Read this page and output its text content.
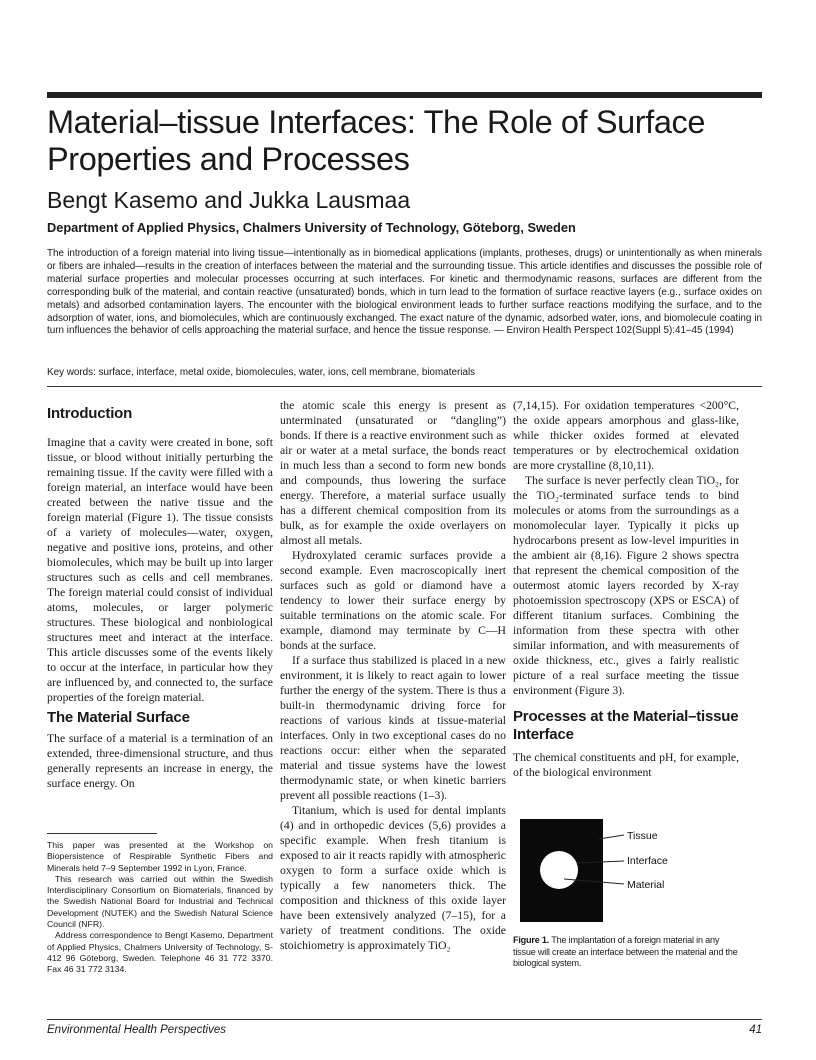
Material–tissue Interfaces: The Role of Surface Properties and Processes
Bengt Kasemo and Jukka Lausmaa

Department of Applied Physics, Chalmers University of Technology, Göteborg, Sweden

The introduction of a foreign material into living tissue—intentionally as in biomedical applications (implants, protheses, drugs) or unintentionally as when minerals or fibers are inhaled—results in the creation of interfaces between the material and the surrounding tissue. This article identifies and discusses the possible role of material surface properties and molecular processes occurring at such interfaces. For kinetic and thermodynamic reasons, surfaces are different from the corresponding bulk of the material, and contain reactive (unsaturated) bonds, which in turn lead to the formation of surface reactive layers (e.g., surface oxides on metals) and adsorbed contamination layers. The encounter with the biological environment leads to further surface reactions modifying the surface, and to the adsorption of water, ions, and biomolecules, which are continuously exchanged. The exact nature of the dynamic, adsorbed water, ions, and biomolecule coating in turn influences the behavior of cells approaching the material surface, and hence the tissue response. — Environ Health Perspect 102(Suppl 5):41–45 (1994)

Key words: surface, interface, metal oxide, biomolecules, water, ions, cell membrane, biomaterials

Introduction

Imagine that a cavity were created in bone, soft tissue, or blood without initially perturbing the remaining tissue. If the cavity were filled with a foreign material, an interface would have been created between the native tissue and the foreign material (Figure 1). The tissue consists of a variety of molecules—water, oxygen, negative and positive ions, proteins, and other biomolecules, which may be built up into larger structures such as cells and cell membranes. The foreign material could consist of individual atoms, molecules, or larger polymeric structures. These biological and nonbiological structures meet and interact at the interface. This article discusses some of the events likely to occur at the interface, in particular how they are influenced by, and connected to, the surface properties of the foreign material.

The Material Surface

The surface of a material is a termination of an extended, three-dimensional structure, and thus generally represents an increase in energy, the surface energy. On

This paper was presented at the Workshop on Biopersistence of Respirable Synthetic Fibers and Minerals held 7–9 September 1992 in Lyon, France.

This research was carried out within the Swedish Interdisciplinary Consortium on Biomaterials, financed by the Swedish National Board for Industrial and Technical Development (NUTEK) and the Swedish Natural Science Council (NFR).

Address correspondence to Bengt Kasemo, Department of Applied Physics, Chalmers University of Technology, S-412 96 Göteborg, Sweden. Telephone 46 31 772 3370. Fax 46 31 772 3134.

the atomic scale this energy is present as unterminated (unsaturated or “dangling”) bonds. If there is a reactive environment such as air or water at a metal surface, the bonds react in much less than a second to form new bonds and compounds, thus lowering the surface energy. Therefore, a material surface usually has a different chemical composition from its bulk, as for example the oxide overlayers on almost all metals.

Hydroxylated ceramic surfaces provide a second example. Even macroscopically inert surfaces such as gold or diamond have a tendency to lower their surface energy by suitable terminations on the atomic scale. For example, diamond may terminate by C—H bonds at the surface.

If a surface thus stabilized is placed in a new environment, it is likely to react again to lower further the energy of the system. There is thus a built-in thermodynamic driving force for reactions of various kinds at tissue-material interfaces. Only in two exceptional cases do no reactions occur: either when the separated material and tissue systems have the lowest thermodynamic state, or when kinetic barriers prevent all possible reactions (1–3).

Titanium, which is used for dental implants (4) and in orthopedic devices (5,6) provides a specific example. When fresh titanium is exposed to air it reacts rapidly with atmospheric oxygen to form a surface oxide which is typically a few nanometers thick. The composition and thickness of this oxide layer have been extensively analyzed (7–15), for a variety of treatment conditions. The oxide stoichiometry is approximately TiO₂

(7,14,15). For oxidation temperatures <200°C, the oxide appears amorphous and glass-like, while thicker oxides formed at elevated temperatures or by electrochemical oxidation are more crystalline (8,10,11).

The surface is never perfectly clean TiO₂, for the TiO₂-terminated surface tends to bind molecules or atoms from the surroundings as a monomolecular layer. Typically it picks up hydrocarbons present as low-level impurities in the ambient air (8,16). Figure 2 shows spectra that represent the chemical composition of the outermost atomic layers recorded by X-ray photoemission spectroscopy (XPS or ESCA) of different titanium surfaces. Combining the information from these spectra with other similar information, and with measurements of oxide thickness, etc., gives a fairly realistic picture of a real surface meeting the tissue environment (Figure 3).

Processes at the Material–tissue Interface

The chemical constituents and pH, for example, of the biological environment

Tissue
Interface
Material

Figure 1. The implantation of a foreign material in any tissue will create an interface between the material and the biological system.

Environmental Health Perspectives	41
